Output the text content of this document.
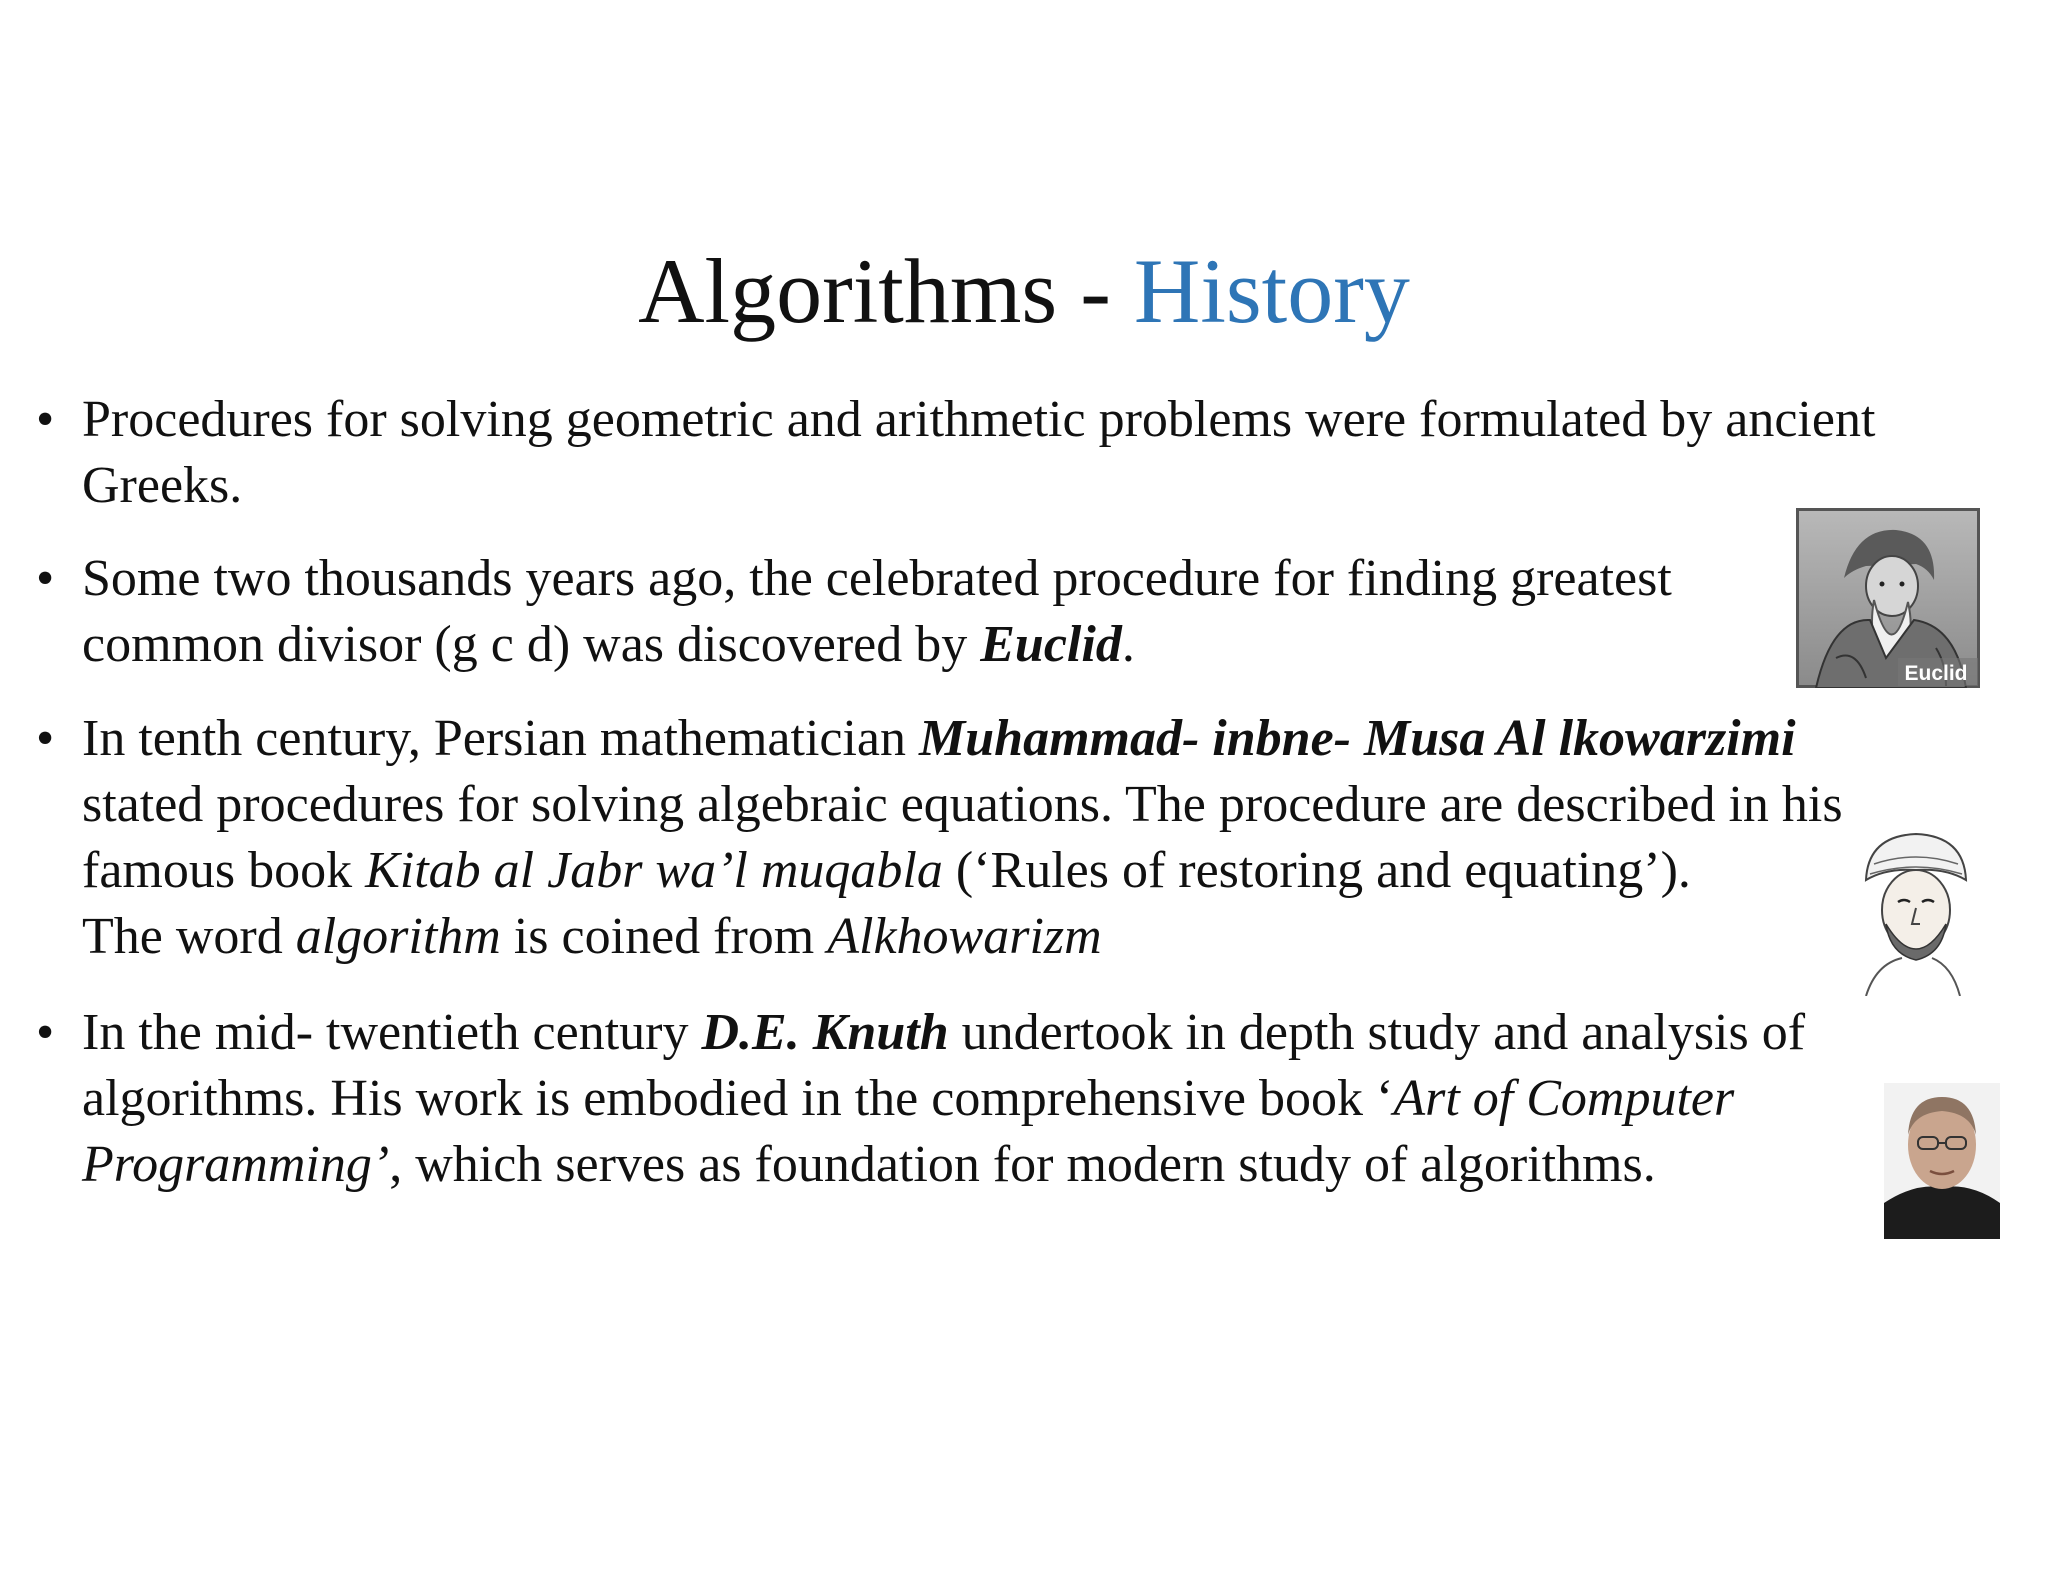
Algorithms - History
• Procedures for solving geometric and arithmetic problems were formulated by ancient
Greeks.
• Some two thousands years ago, the celebrated procedure for finding greatest
common divisor (g c d) was discovered by Euclid.
• In tenth century, Persian mathematician Muhammad- inbne- Musa Al lkowarzimi
stated procedures for solving algebraic equations. The procedure are described in his
famous book Kitab al Jabr wa’l muqabla (‘Rules of restoring and equating’).
The word algorithm is coined from Alkhowarizm
• In the mid- twentieth century D.E. Knuth undertook in depth study and analysis of
algorithms. His work is embodied in the comprehensive book ‘Art of Computer
Programming’, which serves as foundation for modern study of algorithms.
Euclid
